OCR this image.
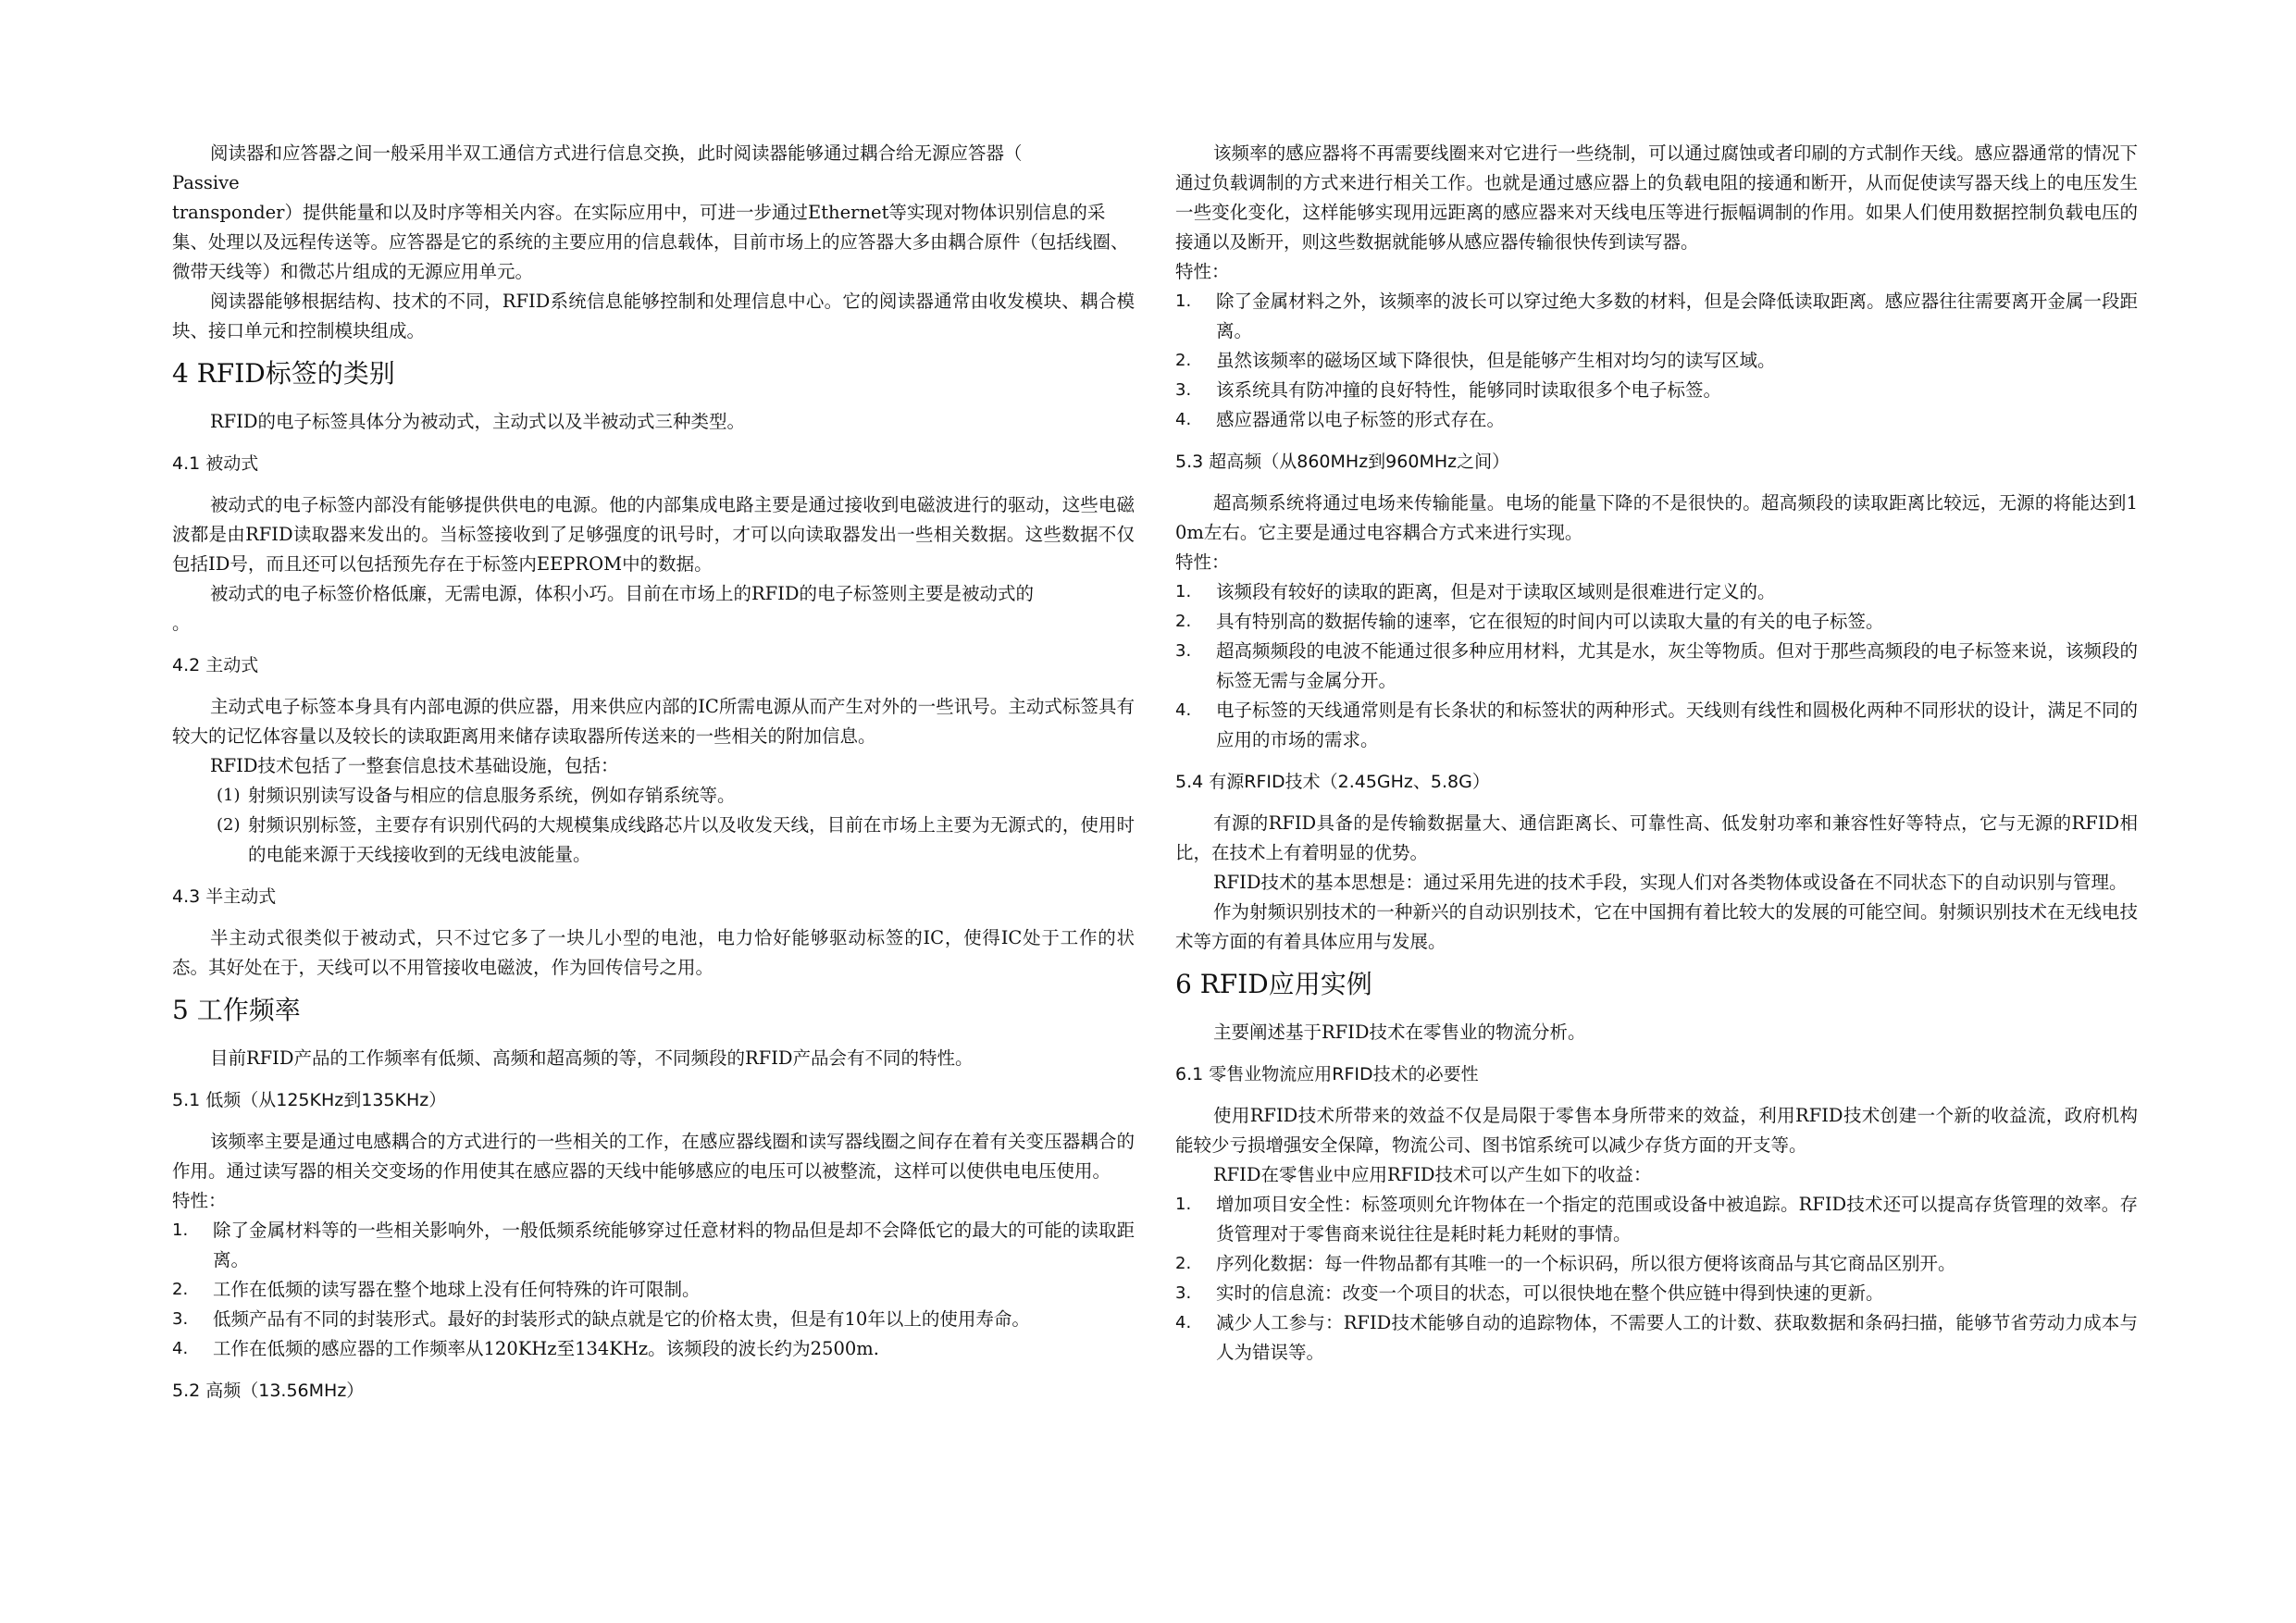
阅读器和应答器之间一般采用半双工通信方式进行信息交换，此时阅读器能够通过耦合给无源应答器（

Passive

transponder）提供能量和以及时序等相关内容。在实际应用中，可进一步通过Ethernet等实现对物体识别信息的采集、处理以及远程传送等。应答器是它的系统的主要应用的信息载体，目前市场上的应答器大多由耦合原件（包括线圈、微带天线等）和微芯片组成的无源应用单元。

阅读器能够根据结构、技术的不同，RFID系统信息能够控制和处理信息中心。它的阅读器通常由收发模块、耦合模块、接口单元和控制模块组成。

4 RFID标签的类别

RFID的电子标签具体分为被动式，主动式以及半被动式三种类型。

4.1 被动式

被动式的电子标签内部没有能够提供供电的电源。他的内部集成电路主要是通过接收到电磁波进行的驱动，这些电磁波都是由RFID读取器来发出的。当标签接收到了足够强度的讯号时，才可以向读取器发出一些相关数据。这些数据不仅包括ID号，而且还可以包括预先存在于标签内EEPROM中的数据。

被动式的电子标签价格低廉，无需电源，体积小巧。目前在市场上的RFID的电子标签则主要是被动式的

。

4.2 主动式

主动式电子标签本身具有内部电源的供应器，用来供应内部的IC所需电源从而产生对外的一些讯号。主动式标签具有较大的记忆体容量以及较长的读取距离用来储存读取器所传送来的一些相关的附加信息。

RFID技术包括了一整套信息技术基础设施，包括：

(1) 射频识别读写设备与相应的信息服务系统，例如存销系统等。
(2) 射频识别标签，主要存有识别代码的大规模集成线路芯片以及收发天线，目前在市场上主要为无源式的，使用时的电能来源于天线接收到的无线电波能量。
4.3 半主动式

半主动式很类似于被动式，只不过它多了一块儿小型的电池，电力恰好能够驱动标签的IC，使得IC处于工作的状态。其好处在于，天线可以不用管接收电磁波，作为回传信号之用。

5 工作频率

目前RFID产品的工作频率有低频、高频和超高频的等，不同频段的RFID产品会有不同的特性。

5.1 低频（从125KHz到135KHz）

该频率主要是通过电感耦合的方式进行的一些相关的工作，在感应器线圈和读写器线圈之间存在着有关变压器耦合的作用。通过读写器的相关交变场的作用使其在感应器的天线中能够感应的电压可以被整流，这样可以使供电电压使用。

特性：

1. 除了金属材料等的一些相关影响外，一般低频系统能够穿过任意材料的物品但是却不会降低它的最大的可能的读取距离。
2. 工作在低频的读写器在整个地球上没有任何特殊的许可限制。
3. 低频产品有不同的封装形式。最好的封装形式的缺点就是它的价格太贵，但是有10年以上的使用寿命。
4. 工作在低频的感应器的工作频率从120KHz至134KHz。该频段的波长约为2500m.
5.2 高频（13.56MHz）

该频率的感应器将不再需要线圈来对它进行一些绕制，可以通过腐蚀或者印刷的方式制作天线。感应器通常的情况下通过负载调制的方式来进行相关工作。也就是通过感应器上的负载电阻的接通和断开，从而促使读写器天线上的电压发生一些变化变化，这样能够实现用远距离的感应器来对天线电压等进行振幅调制的作用。如果人们使用数据控制负载电压的接通以及断开，则这些数据就能够从感应器传输很快传到读写器。

特性：

1. 除了金属材料之外，该频率的波长可以穿过绝大多数的材料，但是会降低读取距离。感应器往往需要离开金属一段距离。
2. 虽然该频率的磁场区域下降很快，但是能够产生相对均匀的读写区域。
3. 该系统具有防冲撞的良好特性，能够同时读取很多个电子标签。
4. 感应器通常以电子标签的形式存在。
5.3 超高频（从860MHz到960MHz之间）

超高频系统将通过电场来传输能量。电场的能量下降的不是很快的。超高频段的读取距离比较远，无源的将能达到10m左右。它主要是通过电容耦合方式来进行实现。

特性：

1. 该频段有较好的读取的距离，但是对于读取区域则是很难进行定义的。
2. 具有特别高的数据传输的速率，它在很短的时间内可以读取大量的有关的电子标签。
3. 超高频频段的电波不能通过很多种应用材料，尤其是水，灰尘等物质。但对于那些高频段的电子标签来说，该频段的标签无需与金属分开。
4. 电子标签的天线通常则是有长条状的和标签状的两种形式。天线则有线性和圆极化两种不同形状的设计，满足不同的应用的市场的需求。
5.4 有源RFID技术（2.45GHz、5.8G）

有源的RFID具备的是传输数据量大、通信距离长、可靠性高、低发射功率和兼容性好等特点，它与无源的RFID相比，在技术上有着明显的优势。

RFID技术的基本思想是：通过采用先进的技术手段，实现人们对各类物体或设备在不同状态下的自动识别与管理。

作为射频识别技术的一种新兴的自动识别技术，它在中国拥有着比较大的发展的可能空间。射频识别技术在无线电技术等方面的有着具体应用与发展。

6 RFID应用实例

主要阐述基于RFID技术在零售业的物流分析。

6.1 零售业物流应用RFID技术的必要性

使用RFID技术所带来的效益不仅是局限于零售本身所带来的效益，利用RFID技术创建一个新的收益流，政府机构能较少亏损增强安全保障，物流公司、图书馆系统可以减少存货方面的开支等。

RFID在零售业中应用RFID技术可以产生如下的收益：

1. 增加项目安全性：标签项则允许物体在一个指定的范围或设备中被追踪。RFID技术还可以提高存货管理的效率。存货管理对于零售商来说往往是耗时耗力耗财的事情。
2. 序列化数据：每一件物品都有其唯一的一个标识码，所以很方便将该商品与其它商品区别开。
3. 实时的信息流：改变一个项目的状态，可以很快地在整个供应链中得到快速的更新。
4. 减少人工参与：RFID技术能够自动的追踪物体，不需要人工的计数、获取数据和条码扫描，能够节省劳动力成本与人为错误等。
